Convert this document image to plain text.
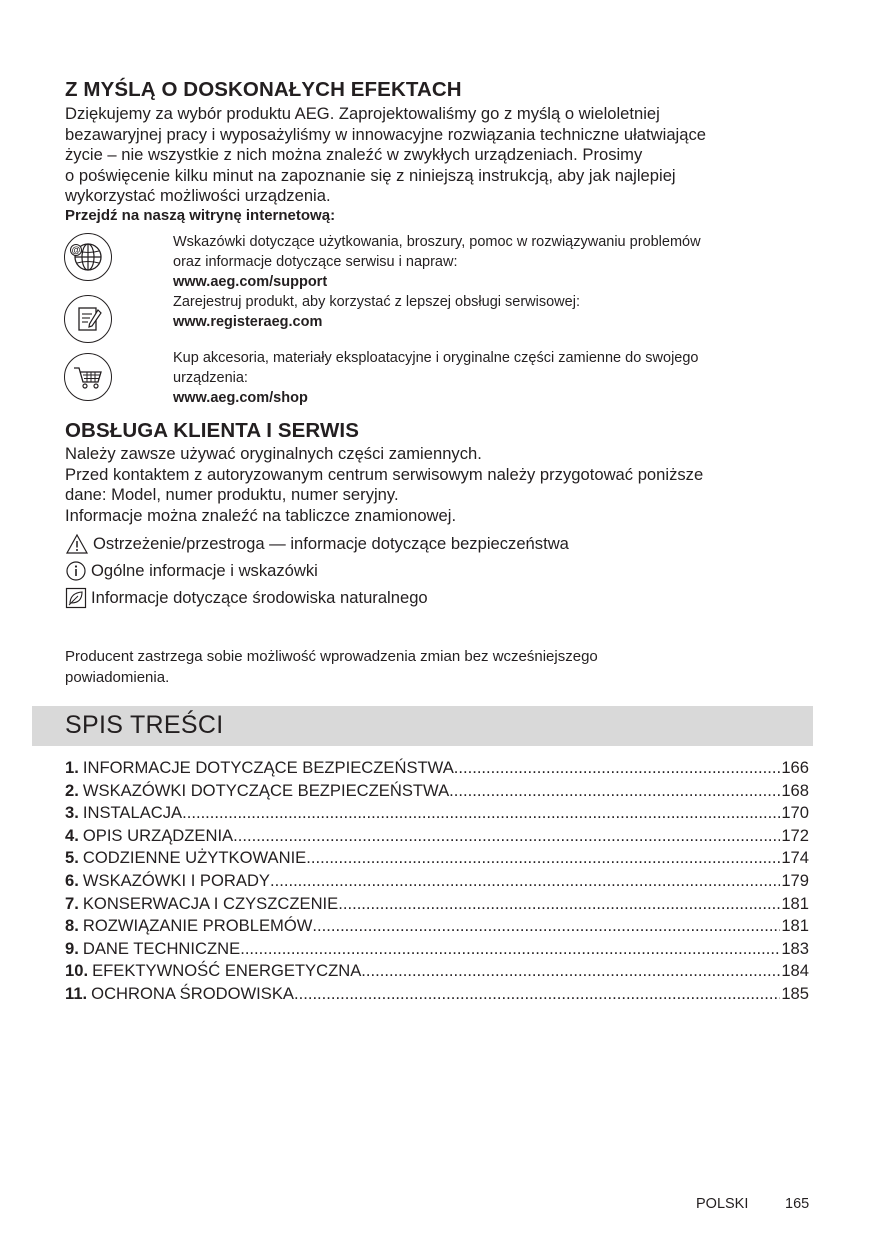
Z MYŚLĄ O DOSKONAŁYCH EFEKTACH
Dziękujemy za wybór produktu AEG. Zaprojektowaliśmy go z myślą o wieloletniej
bezawaryjnej pracy i wyposażyliśmy w innowacyjne rozwiązania techniczne ułatwiające
życie – nie wszystkie z nich można znaleźć w zwykłych urządzeniach. Prosimy
o poświęcenie kilku minut na zapoznanie się z niniejszą instrukcją, aby jak najlepiej
wykorzystać możliwości urządzenia.
Przejdź na naszą witrynę internetową:
@	Wskazówki dotyczące użytkowania, broszury, pomoc w rozwiązywaniu problemów
oraz informacje dotyczące serwisu i napraw:
www.aeg.com/support
Zarejestruj produkt, aby korzystać z lepszej obsługi serwisowej:
www.registeraeg.com
Kup akcesoria, materiały eksploatacyjne i oryginalne części zamienne do swojego
urządzenia:
www.aeg.com/shop
OBSŁUGA KLIENTA I SERWIS
Należy zawsze używać oryginalnych części zamiennych.
Przed kontaktem z autoryzowanym centrum serwisowym należy przygotować poniższe
dane: Model, numer produktu, numer seryjny.
Informacje można znaleźć na tabliczce znamionowej.
Ostrzeżenie/przestroga — informacje dotyczące bezpieczeństwa
Ogólne informacje i wskazówki
Informacje dotyczące środowiska naturalnego
Producent zastrzega sobie możliwość wprowadzenia zmian bez wcześniejszego
powiadomienia.
SPIS TREŚCI
1. INFORMACJE DOTYCZĄCE BEZPIECZEŃSTWA .....	166
2. WSKAZÓWKI DOTYCZĄCE BEZPIECZEŃSTWA .....	168
3. INSTALACJA .....	170
4. OPIS URZĄDZENIA .....	172
5. CODZIENNE UŻYTKOWANIE .....	174
6. WSKAZÓWKI I PORADY .....	179
7. KONSERWACJA I CZYSZCZENIE .....	181
8. ROZWIĄZANIE PROBLEMÓW .....	181
9. DANE TECHNICZNE .....	183
10. EFEKTYWNOŚĆ ENERGETYCZNA .....	184
11. OCHRONA ŚRODOWISKA .....	185
POLSKI	165
